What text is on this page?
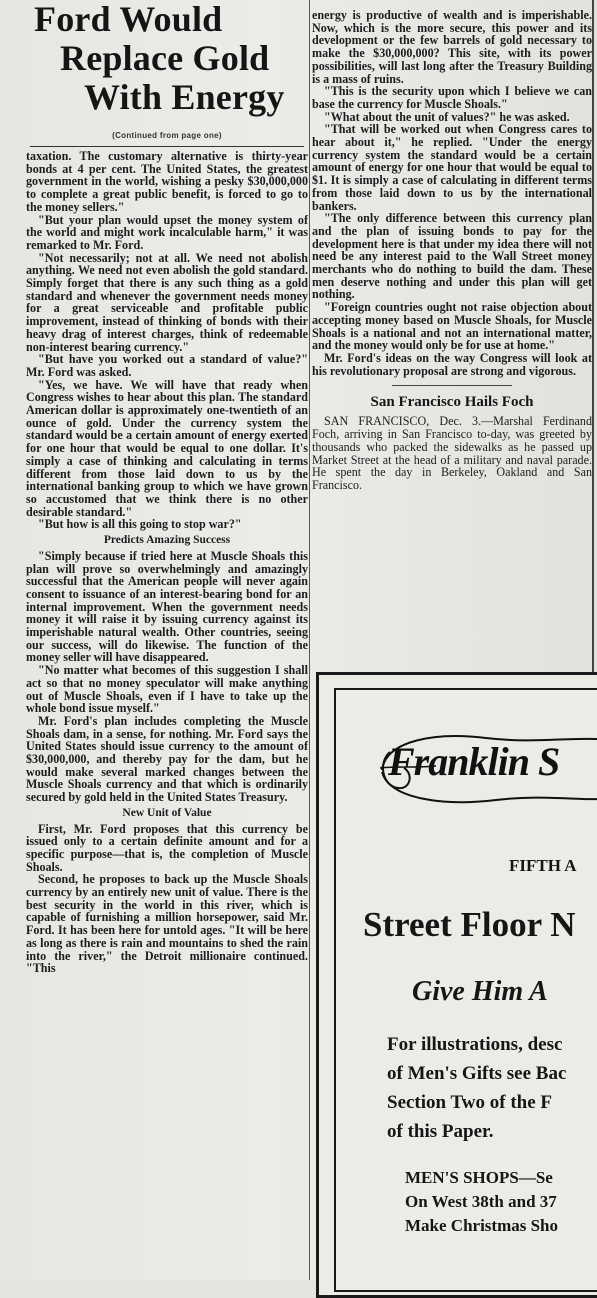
Ford Would
Replace Gold
With Energy
(Continued from page one)

taxation. The customary alternative is thirty-year bonds at 4 per cent. The United States, the greatest government in the world, wishing a pesky $30,000,000 to complete a great public benefit, is forced to go to the money sellers."

"But your plan would upset the money system of the world and might work incalculable harm," it was remarked to Mr. Ford.

"Not necessarily; not at all. We need not abolish anything. We need not even abolish the gold standard. Simply forget that there is any such thing as a gold standard and whenever the government needs money for a great serviceable and profitable public improvement, instead of thinking of bonds with their heavy drag of interest charges, think of redeemable non-interest bearing currency."

"But have you worked out a standard of value?" Mr. Ford was asked.

"Yes, we have. We will have that ready when Congress wishes to hear about this plan. The standard American dollar is approximately one-twentieth of an ounce of gold. Under the currency system the standard would be a certain amount of energy exerted for one hour that would be equal to one dollar. It's simply a case of thinking and calculating in terms different from those laid down to us by the international banking group to which we have grown so accustomed that we think there is no other desirable standard."

"But how is all this going to stop war?"

Predicts Amazing Success

"Simply because if tried here at Muscle Shoals this plan will prove so overwhelmingly and amazingly successful that the American people will never again consent to issuance of an interest-bearing bond for an internal improvement. When the government needs money it will raise it by issuing currency against its imperishable natural wealth. Other countries, seeing our success, will do likewise. The function of the money seller will have disappeared.

"No matter what becomes of this suggestion I shall act so that no money speculator will make anything out of Muscle Shoals, even if I have to take up the whole bond issue myself."

Mr. Ford's plan includes completing the Muscle Shoals dam, in a sense, for nothing. Mr. Ford says the United States should issue currency to the amount of $30,000,000, and thereby pay for the dam, but he would make several marked changes between the Muscle Shoals currency and that which is ordinarily secured by gold held in the United States Treasury.

New Unit of Value

First, Mr. Ford proposes that this currency be issued only to a certain definite amount and for a specific purpose—that is, the completion of Muscle Shoals.

Second, he proposes to back up the Muscle Shoals currency by an entirely new unit of value. There is the best security in the world in this river, which is capable of furnishing a million horsepower, said Mr. Ford. It has been here for untold ages. "It will be here as long as there is rain and mountains to shed the rain into the river," the Detroit millionaire continued. "This

energy is productive of wealth and is imperishable. Now, which is the more secure, this power and its development or the few barrels of gold necessary to make the $30,000,000? This site, with its power possibilities, will last long after the Treasury Building is a mass of ruins.

"This is the security upon which I believe we can base the currency for Muscle Shoals."

"What about the unit of values?" he was asked.

"That will be worked out when Congress cares to hear about it," he replied. "Under the energy currency system the standard would be a certain amount of energy for one hour that would be equal to $1. It is simply a case of calculating in different terms from those laid down to us by the international bankers.

"The only difference between this currency plan and the plan of issuing bonds to pay for the development here is that under my idea there will not need be any interest paid to the Wall Street money merchants who do nothing to build the dam. These men deserve nothing and under this plan will get nothing.

"Foreign countries ought not raise objection about accepting money based on Muscle Shoals, for Muscle Shoals is a national and not an international matter, and the money would only be for use at home."

Mr. Ford's ideas on the way Congress will look at his revolutionary proposal are strong and vigorous.

San Francisco Hails Foch

SAN FRANCISCO, Dec. 3.—Marshal Ferdinand Foch, arriving in San Francisco to-day, was greeted by thousands who packed the sidewalks as he passed up Market Street at the head of a military and naval parade. He spent the day in Berkeley, Oakland and San Francisco.

Franklin S
FIFTH A
Street Floor N
Give Him A
For illustrations, desc
of Men's Gifts see Bac
Section Two of the F
of this Paper.
MEN'S SHOPS—Se
On West 38th and 37
Make Christmas Sho
